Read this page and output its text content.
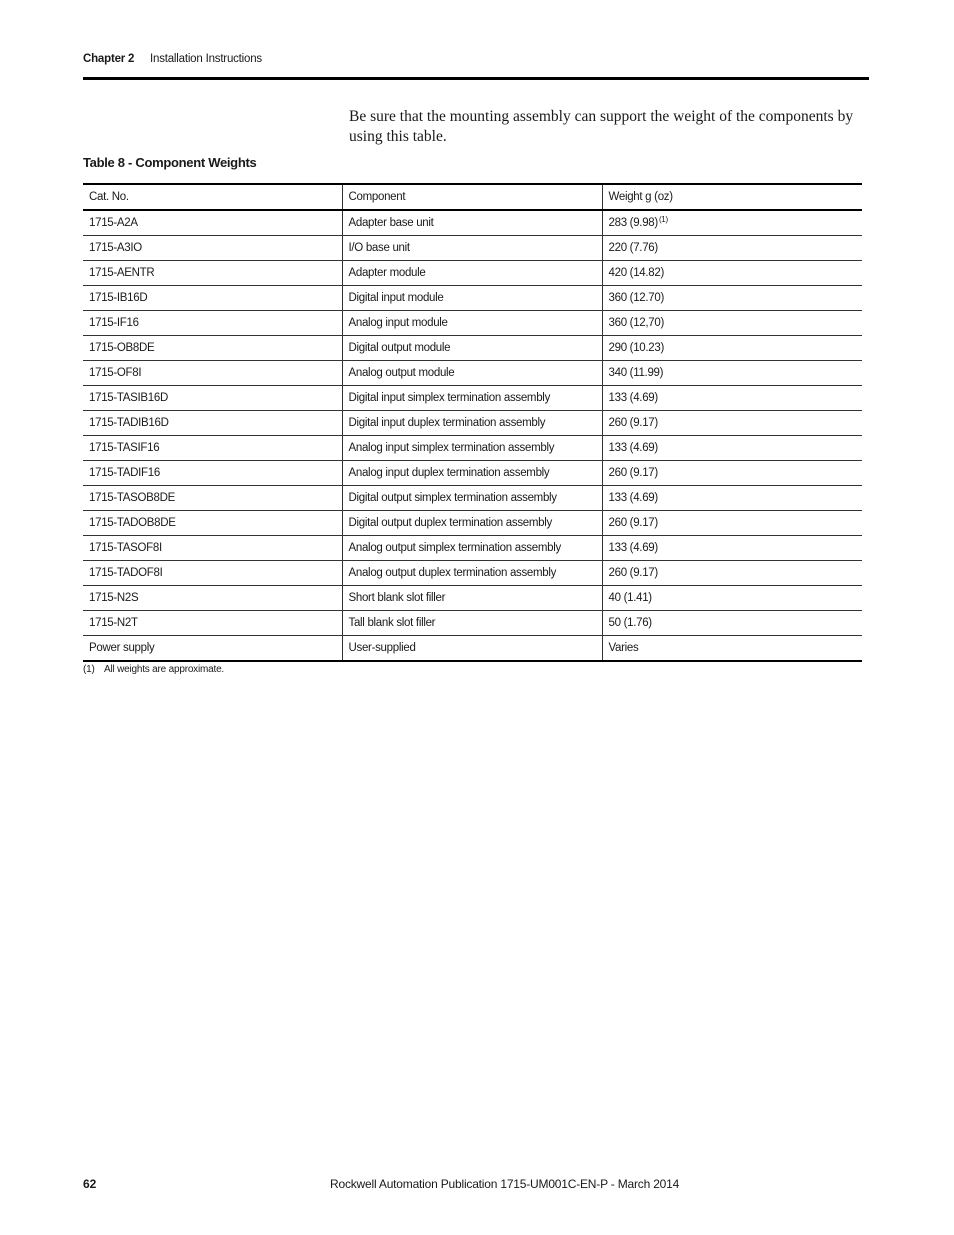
Chapter 2 Installation Instructions

Be sure that the mounting assembly can support the weight of the components by using this table.

Table 8 - Component Weights
Cat. No.	Component	Weight g (oz)
1715-A2A	Adapter base unit	283 $(9.98)^{(1)}$
1715-A3IO	I/O base unit	220 (7.76)
1715-AENTR	Adapter module	420 (14.82)
1715-IB16D	Digital input module	360 (12.70)
1715-IF16	Analog input module	360 (12,70)
1715-OB8DE	Digital output module	290 (10.23)
1715-OF8I	Analog output module	340 (11.99)
1715-TASIB16D	Digital input simplex termination assembly	133 (4.69)
1715-TADIB16D	Digital input duplex termination assembly	260 (9.17)
1715-TASIF16	Analog input simplex termination assembly	133 (4.69)
1715-TADIF16	Analog input duplex termination assembly	260 (9.17)
1715-TASOB8DE	Digital output simplex termination assembly	133 (4.69)
1715-TADOB8DE	Digital output duplex termination assembly	260 (9.17)
1715-TASOF8I	Analog output simplex termination assembly	133 (4.69)
1715-TADOF8I	Analog output duplex termination assembly	260 (9.17)
1715-N2S	Short blank slot filler	40 (1.41)
1715-N2T	Tall blank slot filler	50 (1.76)
Power supply	User-supplied	Varies
(1) All weights are approximate.
62	Rockwell Automation Publication 1715-UM001C-EN-P - March 2014
